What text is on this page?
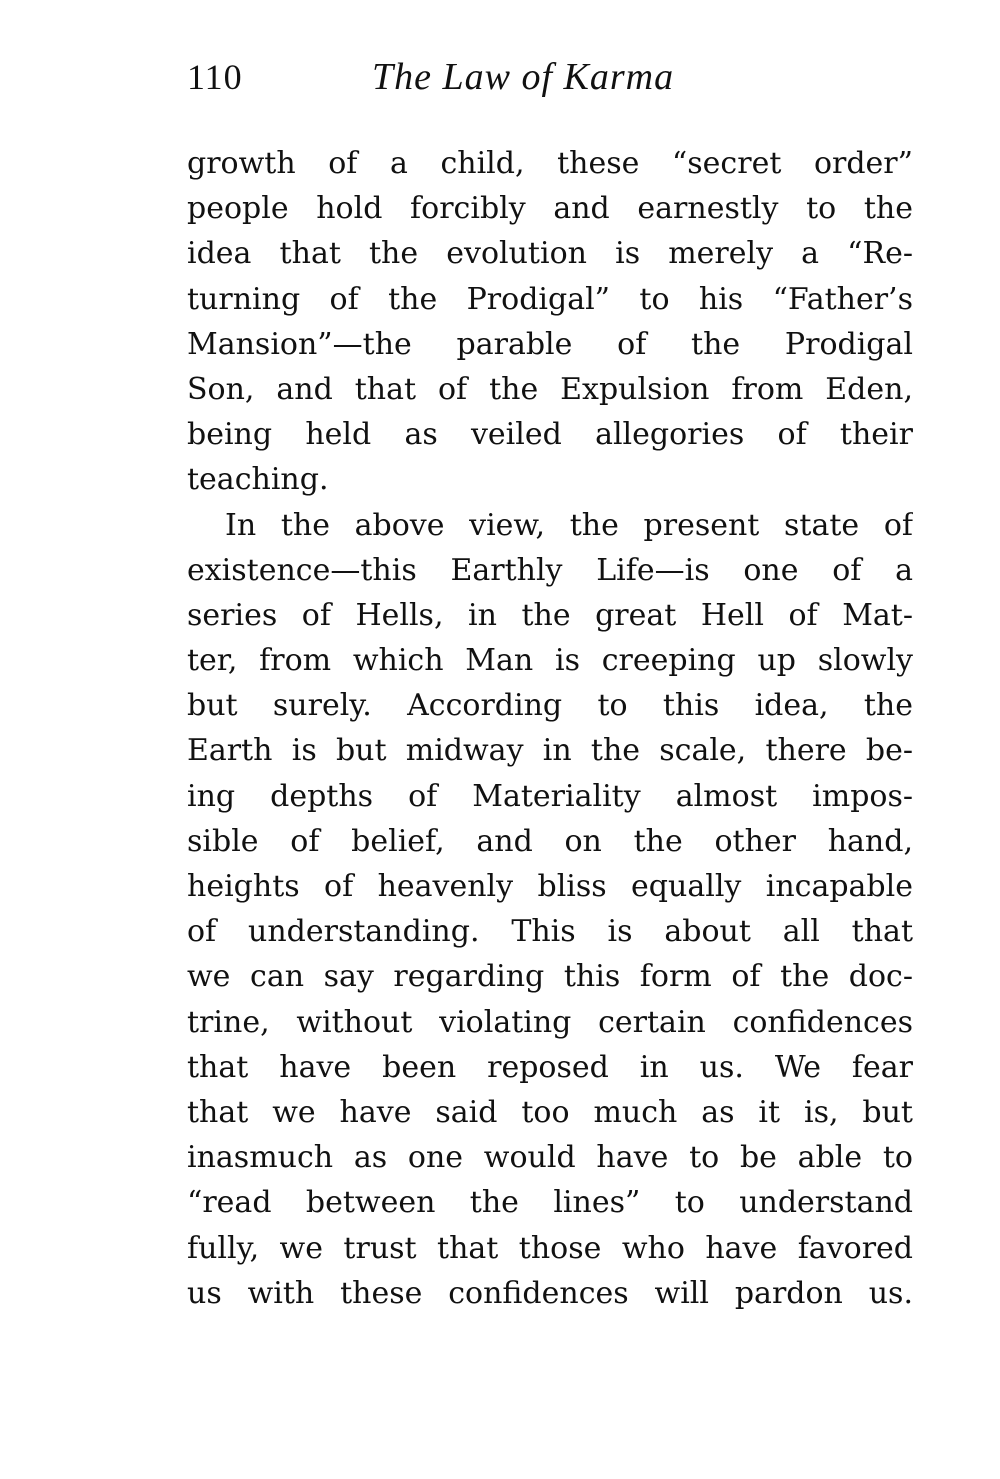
110	The Law of Karma
growth of a child, these “secret order”
people hold forcibly and earnestly to the
idea that the evolution is merely a “Re-
turning of the Prodigal” to his “Father’s
Mansion”—the parable of the Prodigal
Son, and that of the Expulsion from Eden,
being held as veiled allegories of their
teaching.
In the above view, the present state of
existence—this Earthly Life—is one of a
series of Hells, in the great Hell of Mat-
ter, from which Man is creeping up slowly
but surely. According to this idea, the
Earth is but midway in the scale, there be-
ing depths of Materiality almost impos-
sible of belief, and on the other hand,
heights of heavenly bliss equally incapable
of understanding. This is about all that
we can say regarding this form of the doc-
trine, without violating certain confidences
that have been reposed in us. We fear
that we have said too much as it is, but
inasmuch as one would have to be able to
“read between the lines” to understand
fully, we trust that those who have favored
us with these confidences will pardon us.
